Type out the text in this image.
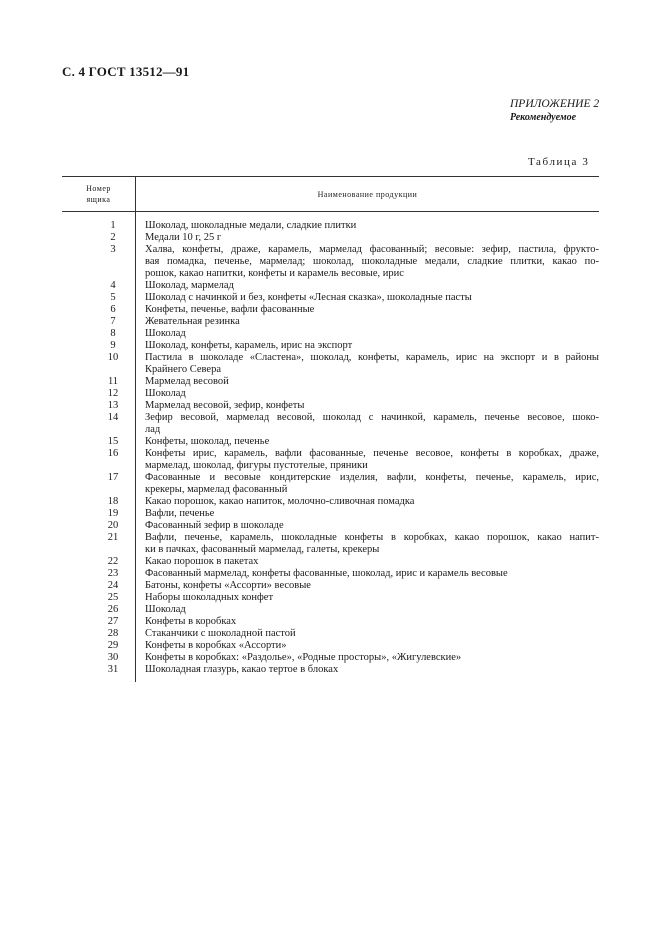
С. 4 ГОСТ 13512—91
ПРИЛОЖЕНИЕ 2
Рекомендуемое
Таблица 3
Номер
ящика
Наименование продукции
1	Шоколад, шоколадные медали, сладкие плитки
2	Медали 10 г, 25 г
3	Халва, конфеты, драже, карамель, мармелад фасованный; весовые: зефир, пастила, фрукто-
вая помадка, печенье, мармелад; шоколад, шоколадные медали, сладкие плитки, какао по-
рошок, какао напитки, конфеты и карамель весовые, ирис
4	Шоколад, мармелад
5	Шоколад с начинкой и без, конфеты «Лесная сказка», шоколадные пасты
6	Конфеты, печенье, вафли фасованные
7	Жевательная резинка
8	Шоколад
9	Шоколад, конфеты, карамель, ирис на экспорт
10	Пастила в шоколаде «Сластена», шоколад, конфеты, карамель, ирис на экспорт и в районы
Крайнего Севера
11	Мармелад весовой
12	Шоколад
13	Мармелад весовой, зефир, конфеты
14	Зефир весовой, мармелад весовой, шоколад с начинкой, карамель, печенье весовое, шоко-
лад
15	Конфеты, шоколад, печенье
16	Конфеты ирис, карамель, вафли фасованные, печенье весовое, конфеты в коробках, драже,
мармелад, шоколад, фигуры пустотелые, пряники
17	Фасованные и весовые кондитерские изделия, вафли, конфеты, печенье, карамель, ирис,
крекеры, мармелад фасованный
18	Какао порошок, какао напиток, молочно-сливочная помадка
19	Вафли, печенье
20	Фасованный зефир в шоколаде
21	Вафли, печенье, карамель, шоколадные конфеты в коробках, какао порошок, какао напит-
ки в пачках, фасованный мармелад, галеты, крекеры
22	Какао порошок в пакетах
23	Фасованный мармелад, конфеты фасованные, шоколад, ирис и карамель весовые
24	Батоны, конфеты «Ассорти» весовые
25	Наборы шоколадных конфет
26	Шоколад
27	Конфеты в коробках
28	Стаканчики с шоколадной пастой
29	Конфеты в коробках «Ассорти»
30	Конфеты в коробках: «Раздолье», «Родные просторы», «Жигулевские»
31	Шоколадная глазурь, какао тертое в блоках
